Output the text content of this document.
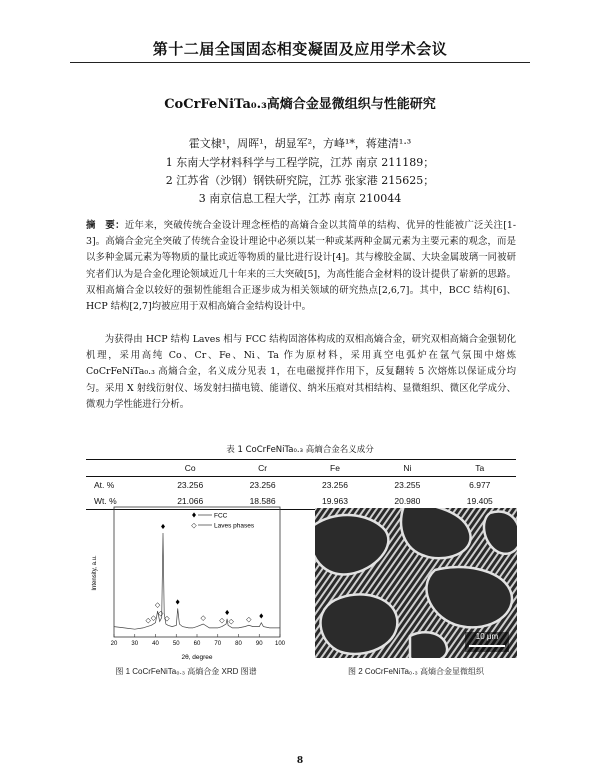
第十二届全国固态相变凝固及应用学术会议
CoCrFeNiTa₀.₃高熵合金显微组织与性能研究
霍文棣¹，周晖¹，胡显军²，方峰¹*，蒋建清¹·³
1 东南大学材料科学与工程学院，江苏 南京 211189；
2 江苏省（沙钢）钢铁研究院，江苏 张家港 215625；
3 南京信息工程大学，江苏 南京 210044
摘　要：近年来，突破传统合金设计理念桎梏的高熵合金以其简单的结构、优异的性能被广泛关注[1-3]。高熵合金完全突破了传统合金设计理论中必须以某一种或某两种金属元素为主要元素的观念，而是以多种金属元素为等物质的量比或近等物质的量比进行设计[4]。其与橡胶金属、大块金属玻璃一同被研究者们认为是合金化理论领域近几十年来的三大突破[5]，为高性能合金材料的设计提供了崭新的思路。双相高熵合金以较好的强韧性能组合正逐步成为相关领域的研究热点[2,6,7]。其中，BCC 结构[6]、HCP 结构[2,7]均被应用于双相高熵合金结构设计中。
为获得由 HCP 结构 Laves 相与 FCC 结构固溶体构成的双相高熵合金，研究双相高熵合金强韧化机理，采用高纯 Co、Cr、Fe、Ni、Ta 作为原材料，采用真空电弧炉在氩气氛围中熔炼 CoCrFeNiTa₀.₃ 高熵合金，名义成分见表 1，在电磁搅拌作用下，反复翻转 5 次熔炼以保证成分均匀。采用 X 射线衍射仪、场发射扫描电镜、能谱仪、纳米压痕对其相结构、显微组织、微区化学成分、微观力学性能进行分析。
表 1 CoCrFeNiTa₀.₃ 高熵合金名义成分
	Co	Cr	Fe	Ni	Ta
At. %	23.256	23.256	23.256	23.255	6.977
Wt. %	21.066	18.586	19.963	20.980	19.405
20 30 40 50 60 70 80 90 100
♦
♦
♦	♦
◇ ◇
◇
◇
◇	◇ ◇ ◇ ◇
Intensity, a.u.
2θ, degree
♦	FCC
◇	Laves phases
图 1 CoCrFeNiTa₀.₃ 高熵合金 XRD 图谱
10 μm
图 2 CoCrFeNiTa₀.₃ 高熵合金显微组织
8
